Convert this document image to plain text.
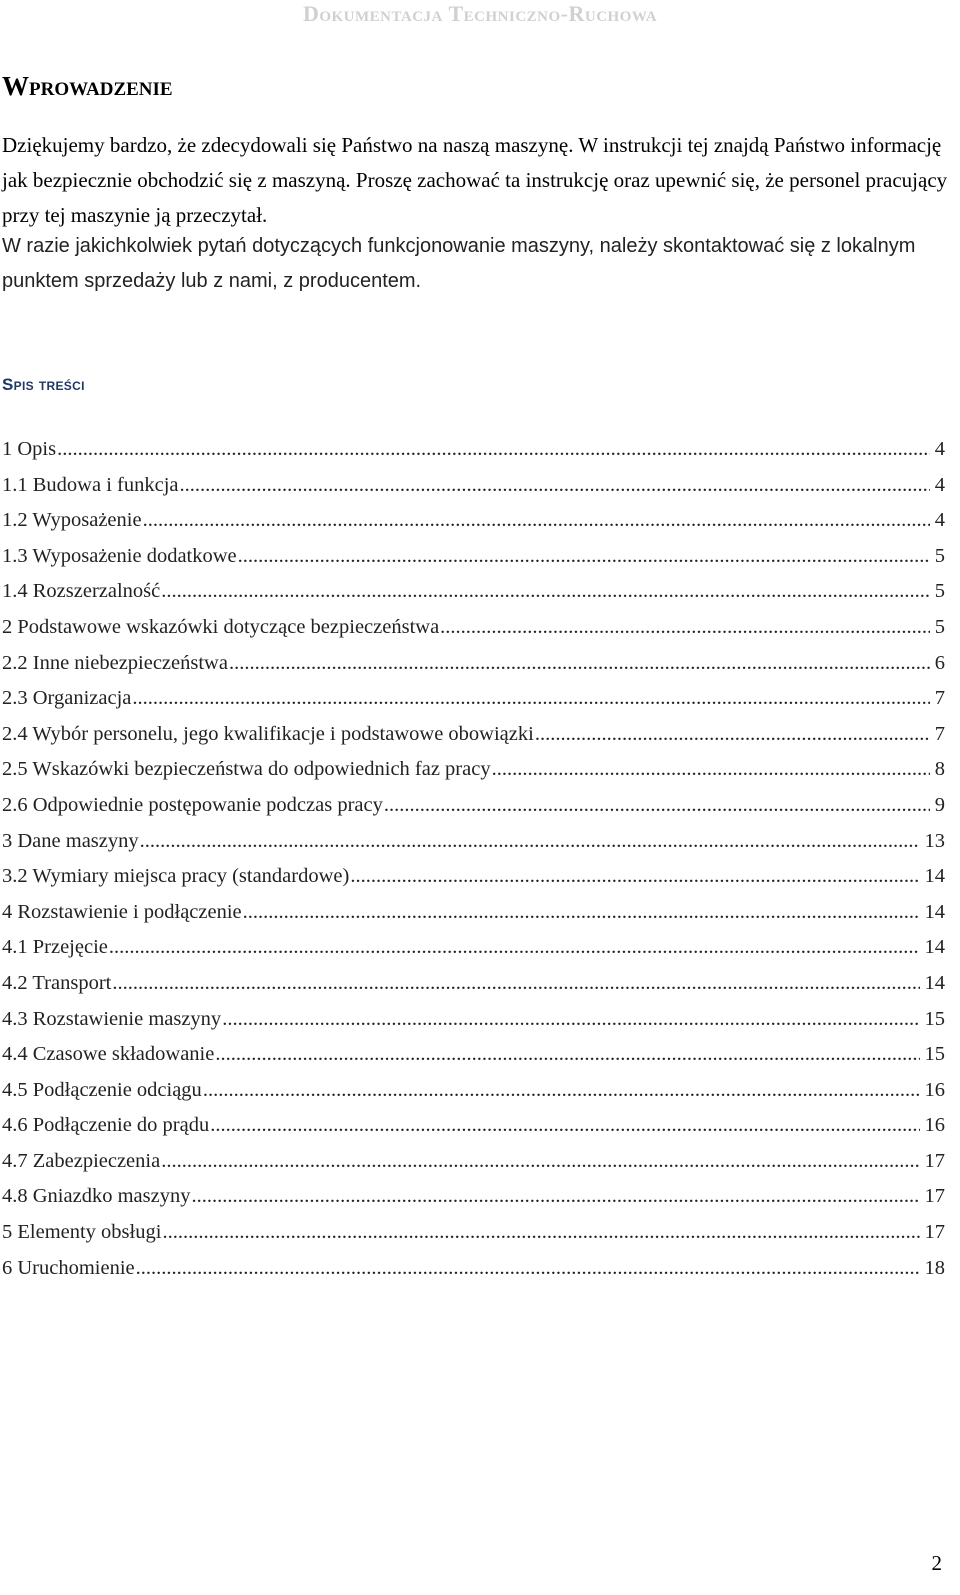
Dokumentacja Techniczno-Ruchowa
Wprowadzenie

Dziękujemy bardzo, że zdecydowali się Państwo na naszą maszynę. W instrukcji tej znajdą Państwo informację jak bezpiecznie obchodzić się z maszyną. Proszę zachować ta instrukcję oraz upewnić się, że personel pracujący przy tej maszynie ją przeczytał.

W razie jakichkolwiek pytań dotyczących funkcjonowanie maszyny, należy skontaktować się z lokalnym punktem sprzedaży lub z nami, z producentem.

Spis treści
1 Opis .....	4
1.1 Budowa i funkcja .....	4
1.2 Wyposażenie .....	4
1.3 Wyposażenie dodatkowe .....	5
1.4 Rozszerzalność .....	5
2 Podstawowe wskazówki dotyczące bezpieczeństwa .....	5
2.2 Inne niebezpieczeństwa .....	6
2.3 Organizacja .....	7
2.4 Wybór personelu, jego kwalifikacje i podstawowe obowiązki .....	7
2.5 Wskazówki bezpieczeństwa do odpowiednich faz pracy .....	8
2.6 Odpowiednie postępowanie podczas pracy .....	9
3 Dane maszyny .....	13
3.2 Wymiary miejsca pracy (standardowe) .....	14
4 Rozstawienie i podłączenie .....	14
4.1 Przejęcie .....	14
4.2 Transport .....	14
4.3 Rozstawienie maszyny .....	15
4.4 Czasowe składowanie .....	15
4.5 Podłączenie odciągu .....	16
4.6 Podłączenie do prądu .....	16
4.7 Zabezpieczenia .....	17
4.8 Gniazdko maszyny .....	17
5 Elementy obsługi .....	17
6 Uruchomienie .....	18
2
